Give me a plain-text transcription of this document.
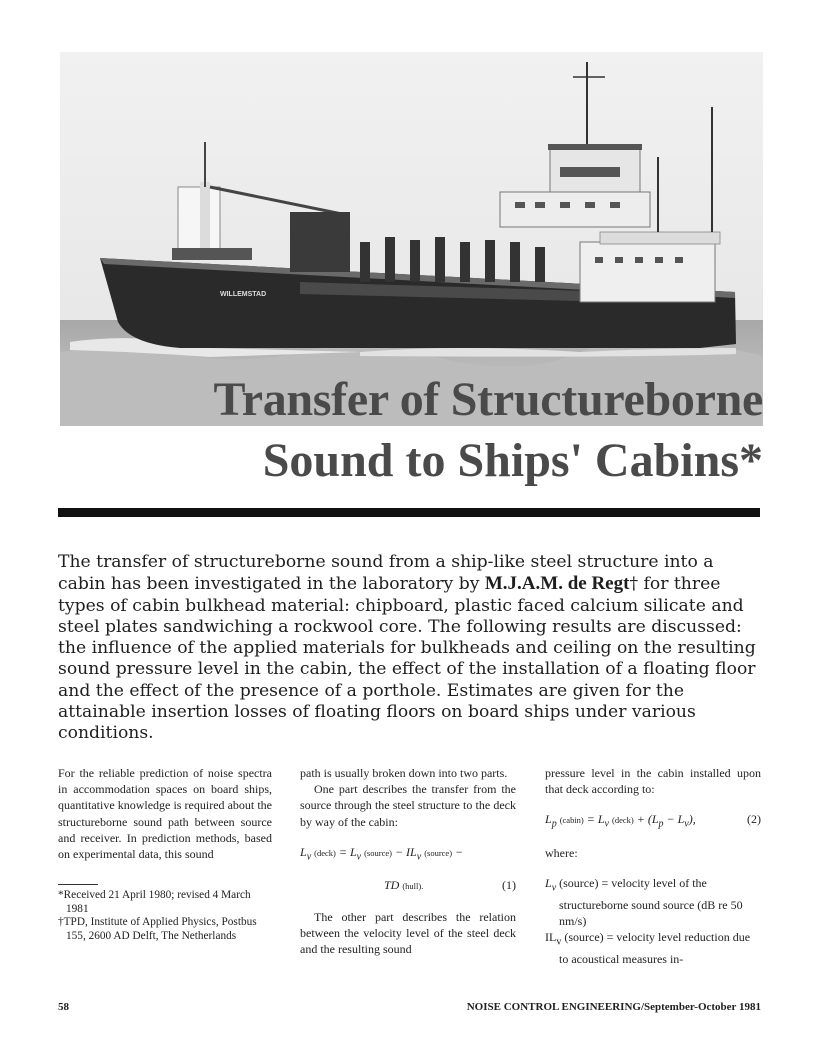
WILLEMSTAD
Transfer of Structureborne
Sound to Ships' Cabins*

The transfer of structureborne sound from a ship-like steel structure into a cabin has been investigated in the laboratory by M.J.A.M. de Regt† for three types of cabin bulkhead material: chipboard, plastic faced calcium silicate and steel plates sandwiching a rockwool core. The following results are discussed: the influence of the applied materials for bulkheads and ceiling on the resulting sound pressure level in the cabin, the effect of the installation of a floating floor and the effect of the presence of a porthole. Estimates are given for the attainable insertion losses of floating floors on board ships under various conditions.

For the reliable prediction of noise spectra in accommodation spaces on board ships, quantitative knowledge is required about the structureborne sound path between source and receiver. In prediction methods, based on experimental data, this sound

*Received 21 April 1980; revised 4 March 1981

†TPD, Institute of Applied Physics, Postbus 155, 2600 AD Delft, The Netherlands

path is usually broken down into two parts.

One part describes the transfer from the source through the steel structure to the deck by way of the cabin:

$L_v$ (deck) = $L_v$ (source) − $IL_v$ (source) −
TD (hull).	(1)

The other part describes the relation between the velocity level of the steel deck and the resulting sound

pressure level in the cabin installed upon that deck according to:

$L_p$ (cabin) = $L_v$ (deck) + $(L_p - L_v)$,	(2)

where:

$L_v$ (source) = velocity level of the structureborne sound source (dB re 50 nm/s)

$IL_v$ (source) = velocity level reduction due to acoustical measures in-

58	NOISE CONTROL ENGINEERING/September-October 1981
